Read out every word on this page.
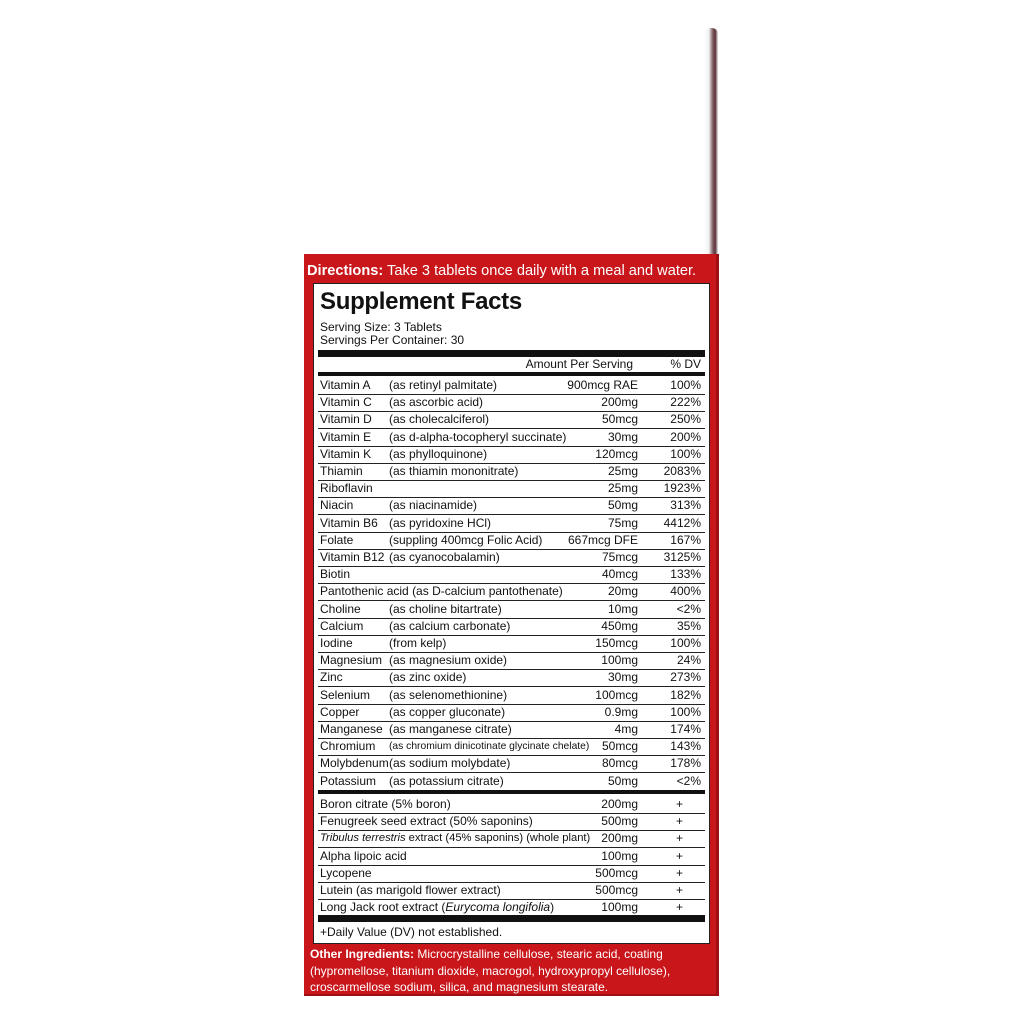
Directions: Take 3 tablets once daily with a meal and water.
Supplement Facts
Serving Size: 3 Tablets
Servings Per Container: 30
Amount Per Serving	% DV
Vitamin A (as retinyl palmitate)	900mcg RAE	100%
Vitamin C (as ascorbic acid)	200mg	222%
Vitamin D (as cholecalciferol)	50mcg	250%
Vitamin E (as d-alpha-tocopheryl succinate)	30mg	200%
Vitamin K (as phylloquinone)	120mcg	100%
Thiamin (as thiamin mononitrate)	25mg 2083%
Riboflavin	25mg 1923%
Niacin	(as niacinamide)	50mg	313%
Vitamin B6 (as pyridoxine HCl)	75mg 4412%
Folate	(suppling 400mcg Folic Acid) 667mcg DFE	167%
Vitamin B12 (as cyanocobalamin)	75mcg 3125%
Biotin	40mcg	133%
Pantothenic acid (as D-calcium pantothenate)	20mg	400%
Choline (as choline bitartrate)	10mg	<2%
Calcium (as calcium carbonate)	450mg	35%
Iodine	(from kelp)	150mcg	100%
Magnesium (as magnesium oxide)	100mg	24%
Zinc	(as zinc oxide)	30mg	273%
Selenium (as selenomethionine)	100mcg	182%
Copper (as copper gluconate)	0.9mg	100%
Manganese (as manganese citrate)	4mg	174%
Chromium (as chromium dinicotinate glycinate chelate) 50mcg	143%
Molybdenum (as sodium molybdate)	80mcg	178%
Potassium (as potassium citrate)	50mg	<2%
Boron citrate (5% boron)	200mg	+
Fenugreek seed extract (50% saponins)	500mg	+
Tribulus terrestris extract (45% saponins) (whole plant) 200mg	+
Alpha lipoic acid	100mg	+
Lycopene	500mcg	+
Lutein (as marigold flower extract)	500mcg	+
Long Jack root extract (Eurycoma longifolia)	100mg	+
+Daily Value (DV) not established.
Other Ingredients: Microcrystalline cellulose, stearic acid, coating (hypromellose, titanium dioxide, macrogol, hydroxypropyl cellulose), croscarmellose sodium, silica, and magnesium stearate.
